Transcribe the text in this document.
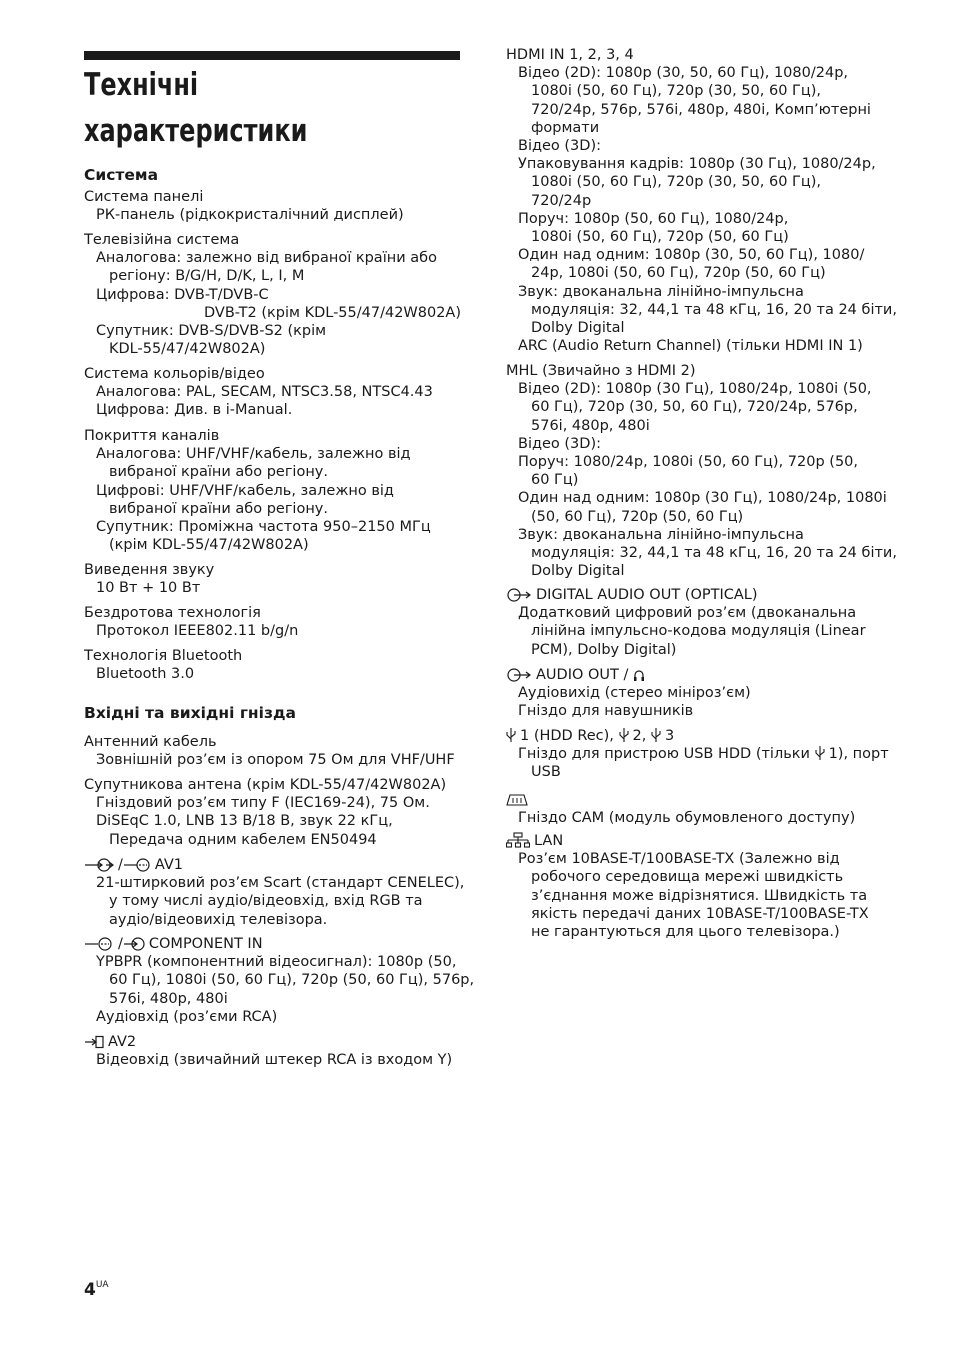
Технічні
характеристики
Система
Система панелі
РК-панель (рідкокристалічний дисплей)
Телевізійна система
Аналогова: залежно від вибраної країни або
регіону: B/G/H, D/K, L, I, M
Цифрова: DVB-T/DVB-C
DVB-T2 (крім KDL-55/47/42W802A)
Супутник: DVB-S/DVB-S2 (крім
KDL-55/47/42W802A)
Система кольорів/відео
Аналогова: PAL, SECAM, NTSC3.58, NTSC4.43
Цифрова: Див. в i-Manual.
Покриття каналів
Аналогова: UHF/VHF/кабель, залежно від
вибраної країни або регіону.
Цифрові: UHF/VHF/кабель, залежно від
вибраної країни або регіону.
Супутник: Проміжна частота 950–2150 МГц
(крім KDL-55/47/42W802A)
Виведення звуку
10 Вт + 10 Вт
Бездротова технологія
Протокол IEEE802.11 b/g/n
Технологія Bluetooth
Bluetooth 3.0
Вхідні та вихідні гнізда
Антенний кабель
Зовнішній роз’єм із опором 75 Ом для VHF/UHF
Супутникова антена (крім KDL-55/47/42W802A)
Гніздовий роз’єм типу F (IEC169-24), 75 Ом.
DiSEqC 1.0, LNB 13 В/18 В, звук 22 кГц,
Передача одним кабелем EN50494
/ AV1
21-штирковий роз’єм Scart (стандарт CENELEC),
у тому числі аудіо/відеовхід, вхід RGB та
аудіо/відеовихід телевізора.
/ COMPONENT IN
YPBPR (компонентний відеосигнал): 1080p (50,
60 Гц), 1080i (50, 60 Гц), 720p (50, 60 Гц), 576p,
576i, 480p, 480i
Аудіовхід (роз’єми RCA)
AV2
Відеовхід (звичайний штекер RCA із входом Y)
HDMI IN 1, 2, 3, 4
Відео (2D): 1080p (30, 50, 60 Гц), 1080/24p,
1080i (50, 60 Гц), 720p (30, 50, 60 Гц),
720/24p, 576p, 576i, 480p, 480i, Комп’ютерні
формати
Відео (3D):
Упаковування кадрів: 1080p (30 Гц), 1080/24p,
1080i (50, 60 Гц), 720p (30, 50, 60 Гц),
720/24p
Поруч: 1080p (50, 60 Гц), 1080/24p,
1080i (50, 60 Гц), 720p (50, 60 Гц)
Один над одним: 1080p (30, 50, 60 Гц), 1080/
24p, 1080i (50, 60 Гц), 720p (50, 60 Гц)
Звук: двоканальна лінійно-імпульсна
модуляція: 32, 44,1 та 48 кГц, 16, 20 та 24 біти,
Dolby Digital
ARC (Audio Return Channel) (тільки HDMI IN 1)
MHL (Звичайно з HDMI 2)
Відео (2D): 1080p (30 Гц), 1080/24p, 1080i (50,
60 Гц), 720p (30, 50, 60 Гц), 720/24p, 576p,
576i, 480p, 480i
Відео (3D):
Поруч: 1080/24p, 1080i (50, 60 Гц), 720p (50,
60 Гц)
Один над одним: 1080p (30 Гц), 1080/24p, 1080i
(50, 60 Гц), 720p (50, 60 Гц)
Звук: двоканальна лінійно-імпульсна
модуляція: 32, 44,1 та 48 кГц, 16, 20 та 24 біти,
Dolby Digital
DIGITAL AUDIO OUT (OPTICAL)
Додатковий цифровий роз’єм (двоканальна
лінійна імпульсно-кодова модуляція (Linear
PCM), Dolby Digital)
AUDIO OUT /
Аудіовихід (стерео мініроз’єм)
Гніздо для навушників
1 (HDD Rec), 2, 3
Гніздо для пристрою USB HDD (тільки 1), порт
USB
Гніздо CAM (модуль обумовленого доступу)
LAN
Роз’єм 10BASE-T/100BASE-TX (Залежно від
робочого середовища мережі швидкість
з’єднання може відрізнятися. Швидкість та
якість передачі даних 10BASE-T/100BASE-TX
не гарантуються для цього телевізора.)
$4^{UA}$
